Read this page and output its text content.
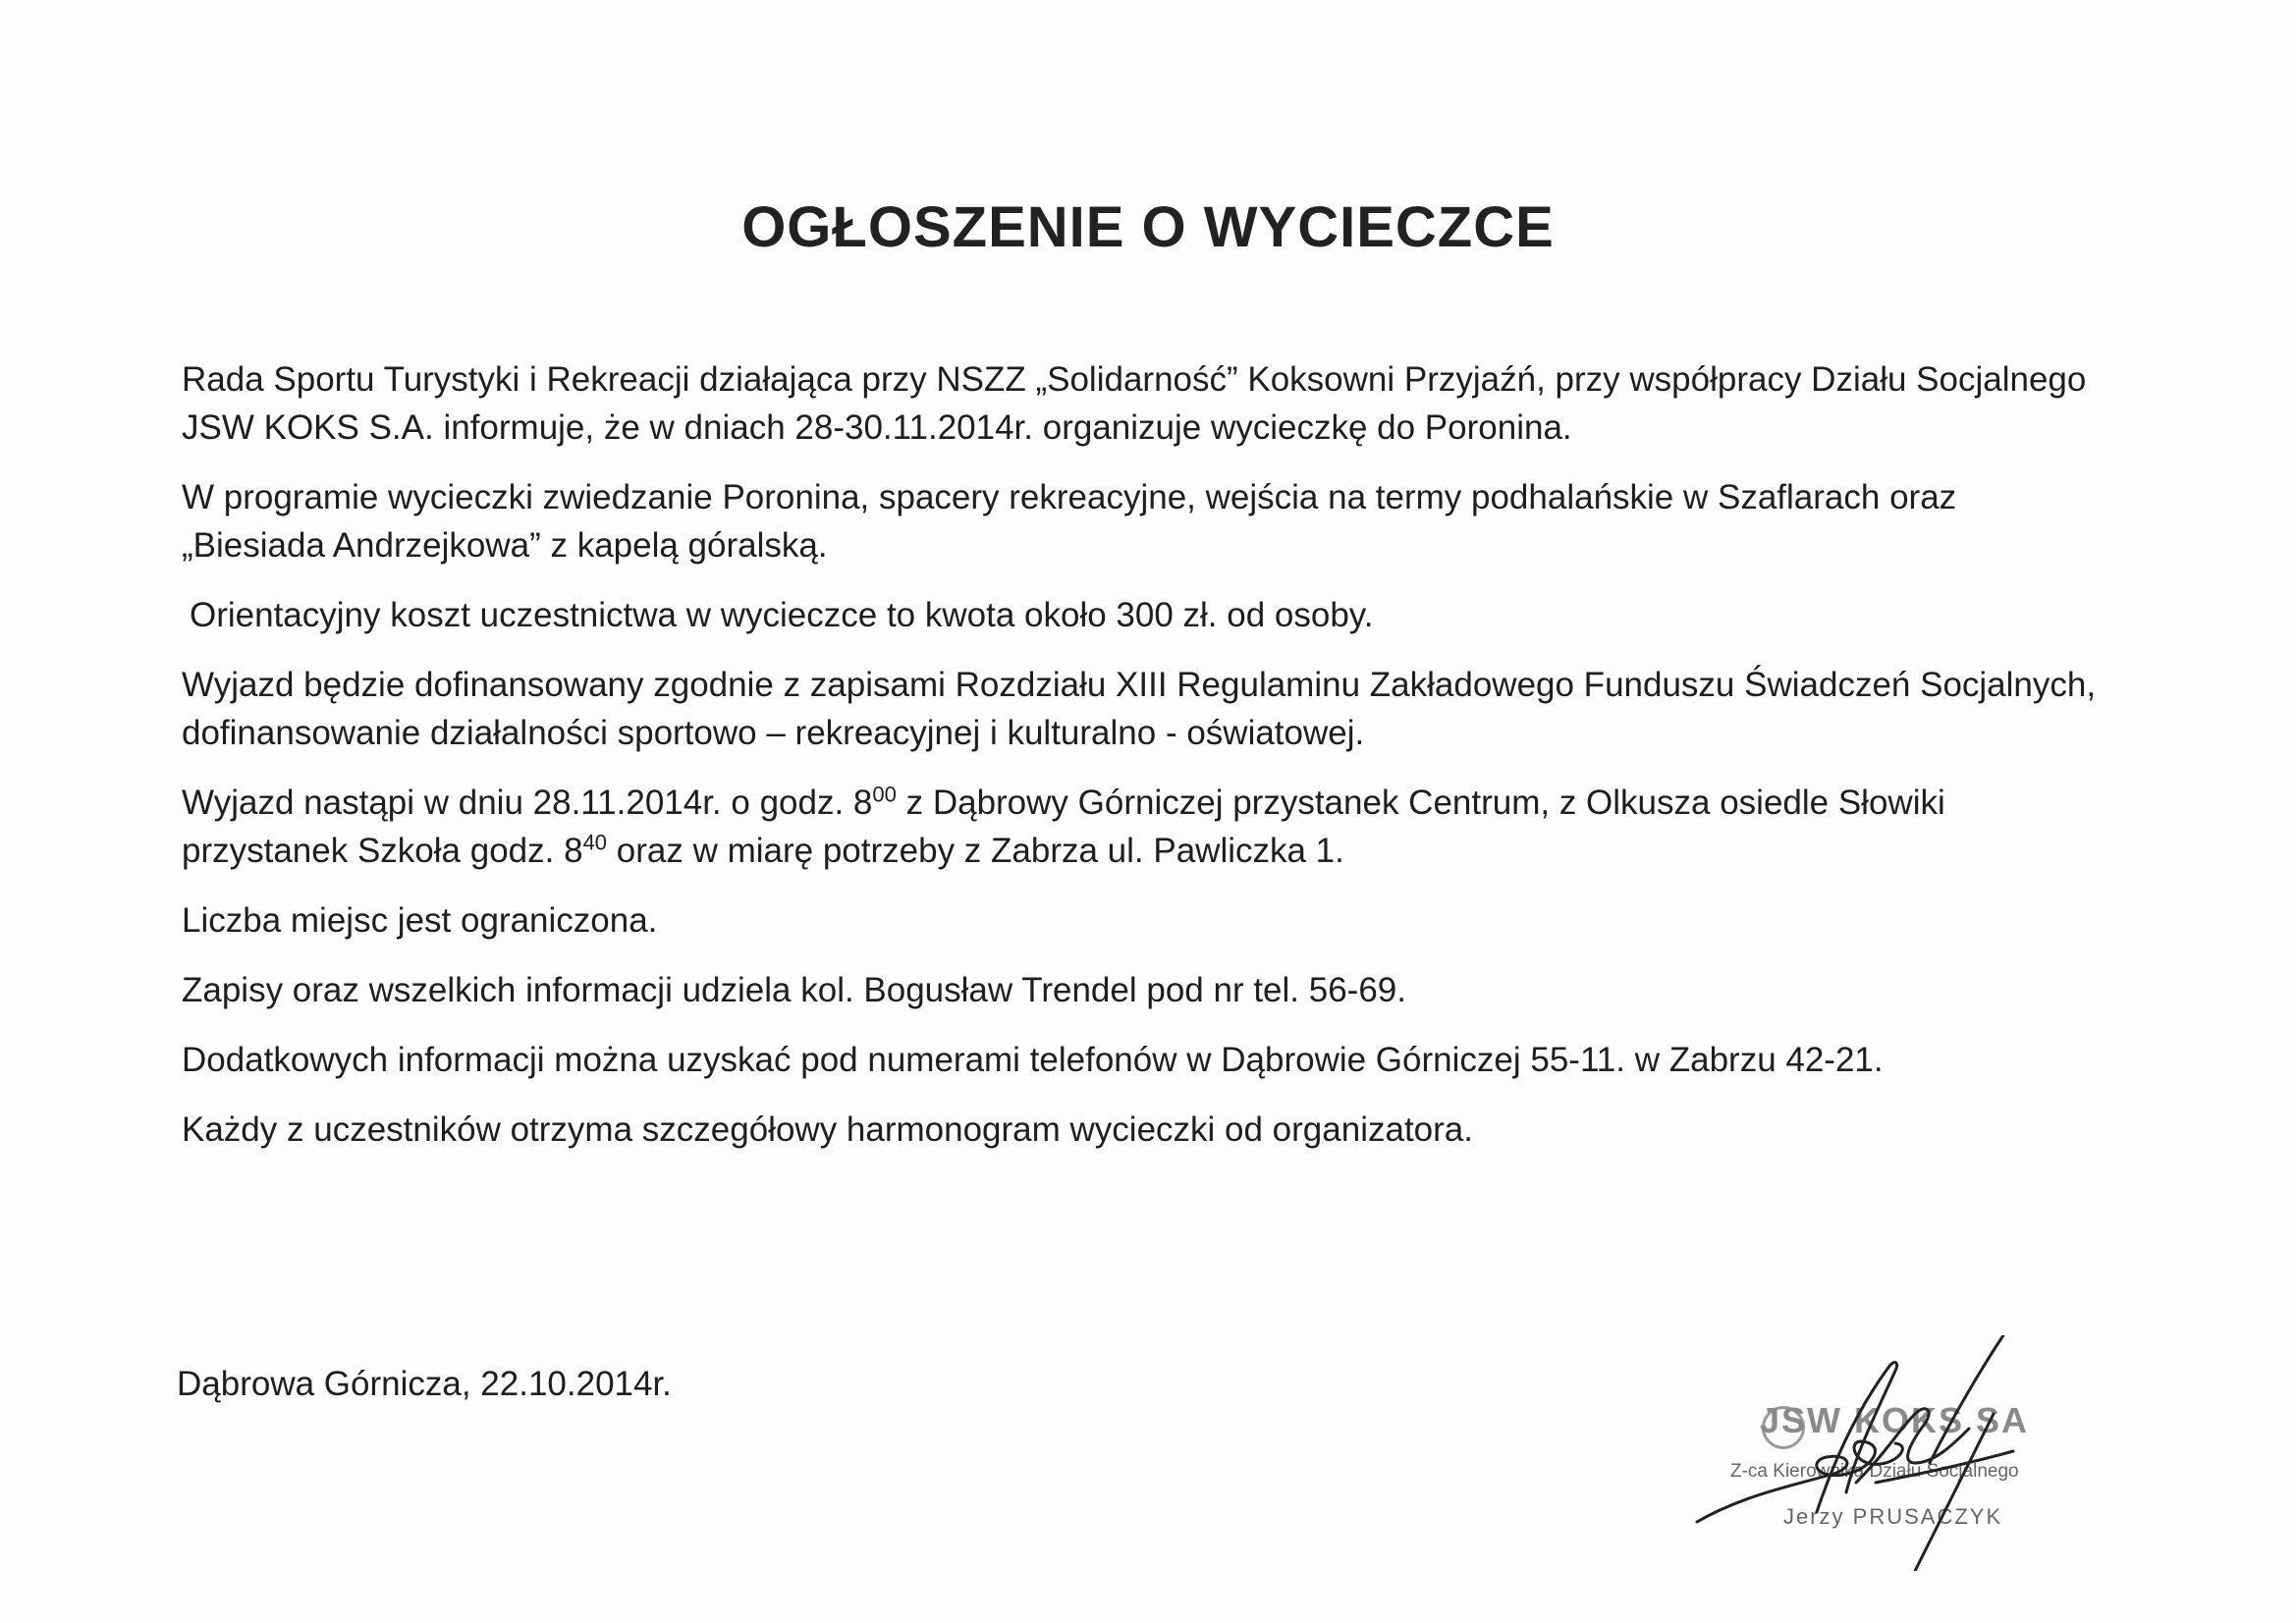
OGŁOSZENIE O WYCIECZCE

Rada Sportu Turystyki i Rekreacji działająca przy NSZZ „Solidarność” Koksowni Przyjaźń, przy współpracy Działu Socjalnego
JSW KOKS S.A. informuje, że w dniach 28-30.11.2014r. organizuje wycieczkę do Poronina.

W programie wycieczki zwiedzanie Poronina, spacery rekreacyjne, wejścia na termy podhalańskie w Szaflarach oraz
„Biesiada Andrzejkowa” z kapelą góralską.

Orientacyjny koszt uczestnictwa w wycieczce to kwota około 300 zł. od osoby.

Wyjazd będzie dofinansowany zgodnie z zapisami Rozdziału XIII Regulaminu Zakładowego Funduszu Świadczeń Socjalnych,
dofinansowanie działalności sportowo – rekreacyjnej i kulturalno - oświatowej.

Wyjazd nastąpi w dniu 28.11.2014r. o godz. $8^{00}$ z Dąbrowy Górniczej przystanek Centrum, z Olkusza osiedle Słowiki
przystanek Szkoła godz. $8^{40}$ oraz w miarę potrzeby z Zabrza ul. Pawliczka 1.

Liczba miejsc jest ograniczona.

Zapisy oraz wszelkich informacji udziela kol. Bogusław Trendel pod nr tel. 56-69.

Dodatkowych informacji można uzyskać pod numerami telefonów w Dąbrowie Górniczej 55-11. w Zabrzu 42-21.

Każdy z uczestników otrzyma szczegółowy harmonogram wycieczki od organizatora.

Dąbrowa Górnicza, 22.10.2014r.
JSW KOKS SA
Z-ca Kierownika Działu Socjalnego
Jerzy PRUSACZYK
